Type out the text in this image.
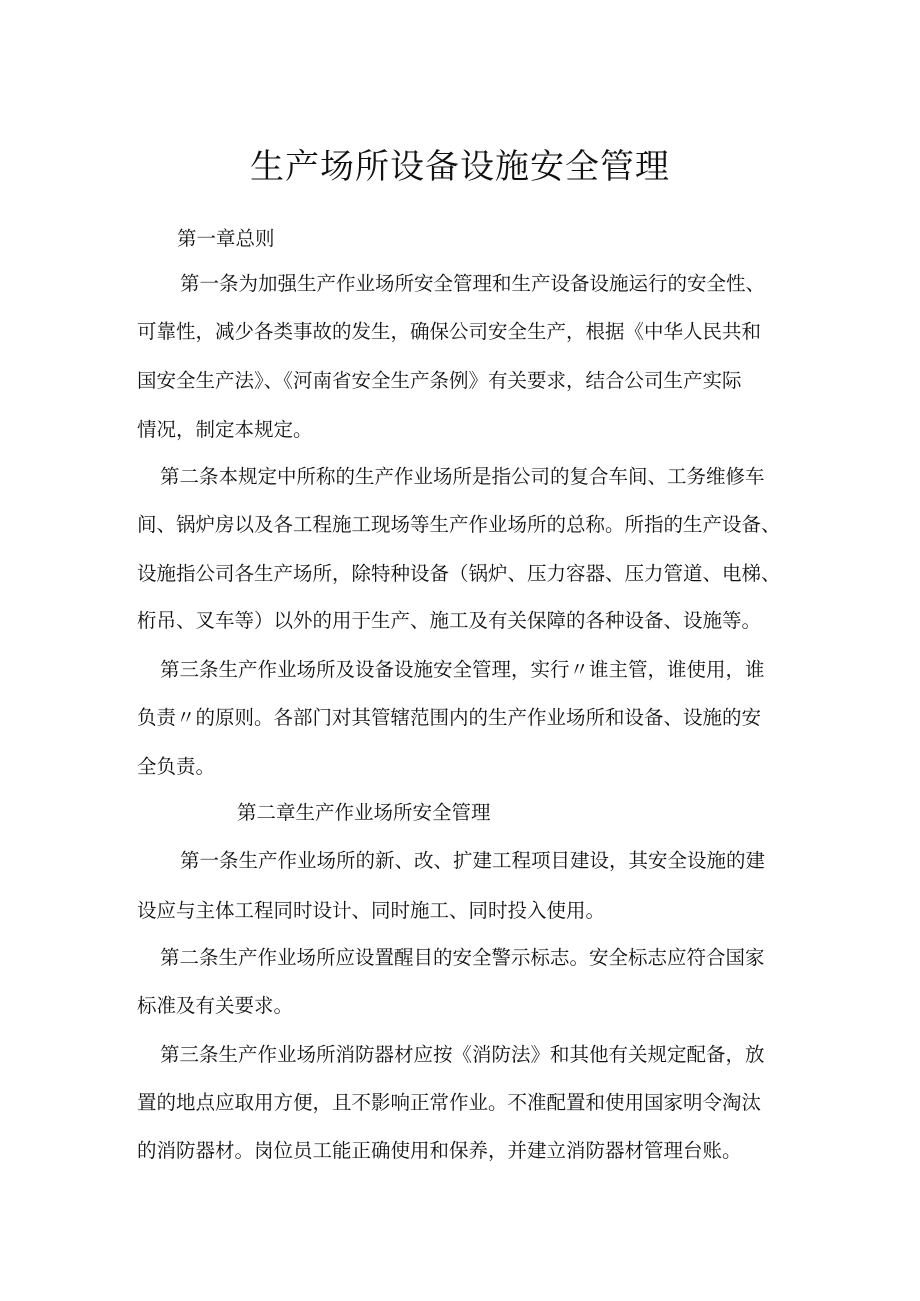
生产场所设备设施安全管理

第一章总则

第一条为加强生产作业场所安全管理和生产设备设施运行的安全性、

可靠性，减少各类事故的发生，确保公司安全生产，根据《中华人民共和

国安全生产法》、《河南省安全生产条例》有关要求，结合公司生产实际

情况，制定本规定。

第二条本规定中所称的生产作业场所是指公司的复合车间、工务维修车

间、锅炉房以及各工程施工现场等生产作业场所的总称。所指的生产设备、

设施指公司各生产场所，除特种设备（锅炉、压力容器、压力管道、电梯、

桁吊、叉车等）以外的用于生产、施工及有关保障的各种设备、设施等。

第三条生产作业场所及设备设施安全管理，实行〃谁主管，谁使用，谁

负责〃的原则。各部门对其管辖范围内的生产作业场所和设备、设施的安

全负责。

第二章生产作业场所安全管理

第一条生产作业场所的新、改、扩建工程项目建设，其安全设施的建

设应与主体工程同时设计、同时施工、同时投入使用。

第二条生产作业场所应设置醒目的安全警示标志。安全标志应符合国家

标准及有关要求。

第三条生产作业场所消防器材应按《消防法》和其他有关规定配备，放

置的地点应取用方便，且不影响正常作业。不准配置和使用国家明令淘汰

的消防器材。岗位员工能正确使用和保养，并建立消防器材管理台账。
